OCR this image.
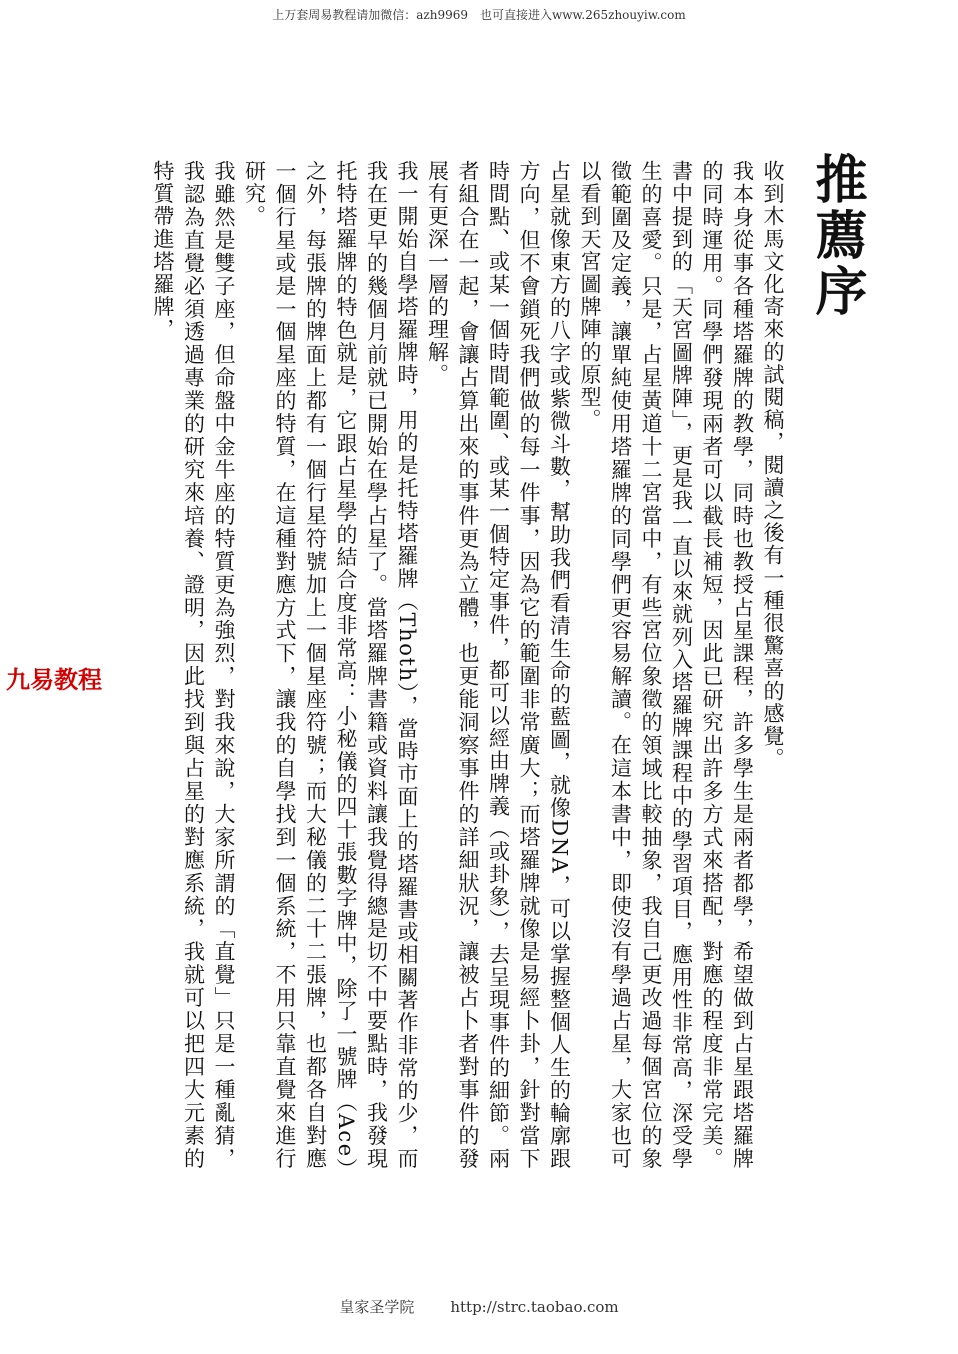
上万套周易教程请加微信：azh9969　也可直接进入www.265zhouyiw.com
推薦序

收到木馬文化寄來的試閱稿，閱讀之後有一種很驚喜的感覺。

我本身從事各種塔羅牌的教學，同時也教授占星課程，許多學生是兩者都學，希望做到占星跟塔羅牌的同時運用。同學們發現兩者可以截長補短，因此已研究出許多方式來搭配，對應的程度非常完美。書中提到的「天宮圖牌陣」，更是我一直以來就列入塔羅牌課程中的學習項目，應用性非常高，深受學生的喜愛。只是，占星黃道十二宮當中，有些宮位象徵的領域比較抽象，我自己更改過每個宮位的象徵範圍及定義，讓單純使用塔羅牌的同學們更容易解讀。在這本書中，即使沒有學過占星，大家也可以看到天宮圖牌陣的原型。

占星就像東方的八字或紫微斗數，幫助我們看清生命的藍圖，就像DNA，可以掌握整個人生的輪廓跟方向，但不會鎖死我們做的每一件事，因為它的範圍非常廣大；而塔羅牌就像是易經卜卦，針對當下時間點、或某一個時間範圍、或某一個特定事件，都可以經由牌義（或卦象），去呈現事件的細節。兩者組合在一起，會讓占算出來的事件更為立體，也更能洞察事件的詳細狀況，讓被占卜者對事件的發展有更深一層的理解。

我一開始自學塔羅牌時，用的是托特塔羅牌（Thoth），當時市面上的塔羅書或相關著作非常的少，而我在更早的幾個月前就已開始在學占星了。當塔羅牌書籍或資料讓我覺得總是切不中要點時，我發現托特塔羅牌的特色就是，它跟占星學的結合度非常高：小秘儀的四十張數字牌中，除了一號牌（Ace）之外，每張牌的牌面上都有一個行星符號加上一個星座符號；而大秘儀的二十二張牌，也都各自對應一個行星或是一個星座的特質，在這種對應方式下，讓我的自學找到一個系統，不用只靠直覺來進行研究。

我雖然是雙子座，但命盤中金牛座的特質更為強烈，對我來說，大家所謂的「直覺」只是一種亂猜，我認為直覺必須透過專業的研究來培養、證明，因此找到與占星的對應系統，我就可以把四大元素的特質帶進塔羅牌，

九易教程
皇家圣学院 http://strc.taobao.com
